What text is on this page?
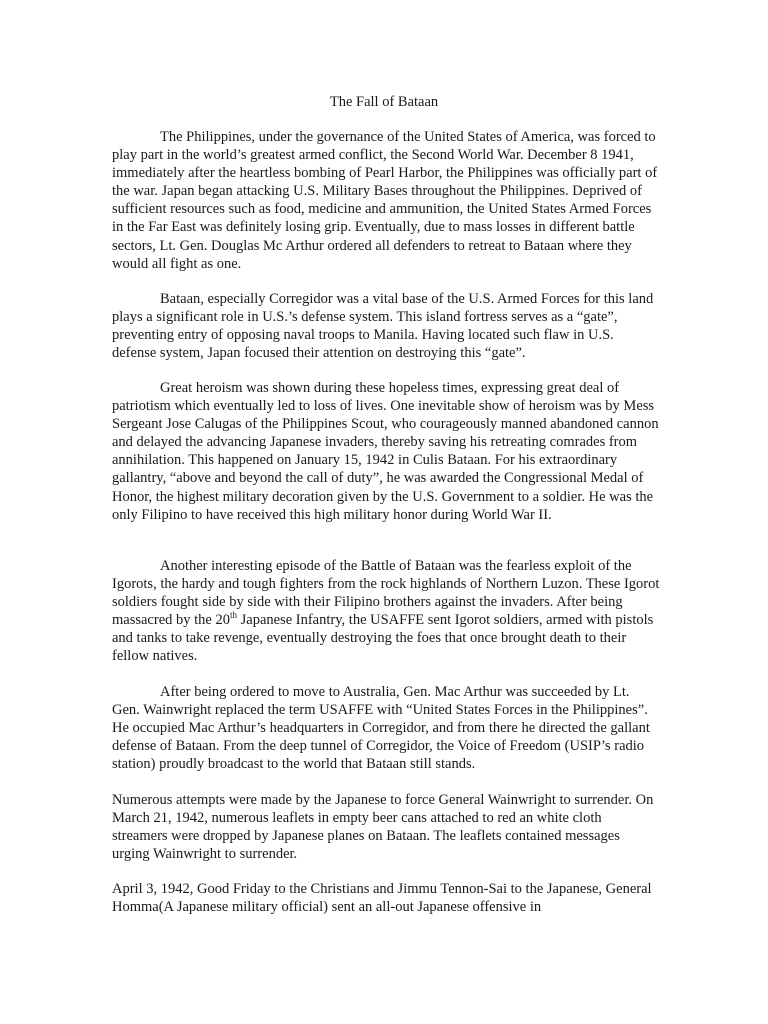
The Fall of Bataan

The Philippines, under the governance of the United States of America, was forced to play part in the world’s greatest armed conflict, the Second World War. December 8 1941, immediately after the heartless bombing of Pearl Harbor, the Philippines was officially part of the war. Japan began attacking U.S. Military Bases throughout the Philippines. Deprived of sufficient resources such as food, medicine and ammunition, the United States Armed Forces in the Far East was definitely losing grip. Eventually, due to mass losses in different battle sectors, Lt. Gen. Douglas Mc Arthur ordered all defenders to retreat to Bataan where they would all fight as one.

Bataan, especially Corregidor was a vital base of the U.S. Armed Forces for this land plays a significant role in U.S.’s defense system. This island fortress serves as a “gate”, preventing entry of opposing naval troops to Manila. Having located such flaw in U.S. defense system, Japan focused their attention on destroying this “gate”.

Great heroism was shown during these hopeless times, expressing great deal of patriotism which eventually led to loss of lives. One inevitable show of heroism was by Mess Sergeant Jose Calugas of the Philippines Scout, who courageously manned abandoned cannon and delayed the advancing Japanese invaders, thereby saving his retreating comrades from annihilation. This happened on January 15, 1942 in Culis Bataan. For his extraordinary gallantry, “above and beyond the call of duty”, he was awarded the Congressional Medal of Honor, the highest military decoration given by the U.S. Government to a soldier. He was the only Filipino to have received this high military honor during World War II.

Another interesting episode of the Battle of Bataan was the fearless exploit of the Igorots, the hardy and tough fighters from the rock highlands of Northern Luzon. These Igorot soldiers fought side by side with their Filipino brothers against the invaders. After being massacred by the 20th Japanese Infantry, the USAFFE sent Igorot soldiers, armed with pistols and tanks to take revenge, eventually destroying the foes that once brought death to their fellow natives.

After being ordered to move to Australia, Gen. Mac Arthur was succeeded by Lt. Gen. Wainwright replaced the term USAFFE with “United States Forces in the Philippines”. He occupied Mac Arthur’s headquarters in Corregidor, and from there he directed the gallant defense of Bataan. From the deep tunnel of Corregidor, the Voice of Freedom (USIP’s radio station) proudly broadcast to the world that Bataan still stands.

Numerous attempts were made by the Japanese to force General Wainwright to surrender. On March 21, 1942, numerous leaflets in empty beer cans attached to red an white cloth streamers were dropped by Japanese planes on Bataan. The leaflets contained messages urging Wainwright to surrender.

April 3, 1942, Good Friday to the Christians and Jimmu Tennon-Sai to the Japanese, General Homma(A Japanese military official) sent an all-out Japanese offensive in
